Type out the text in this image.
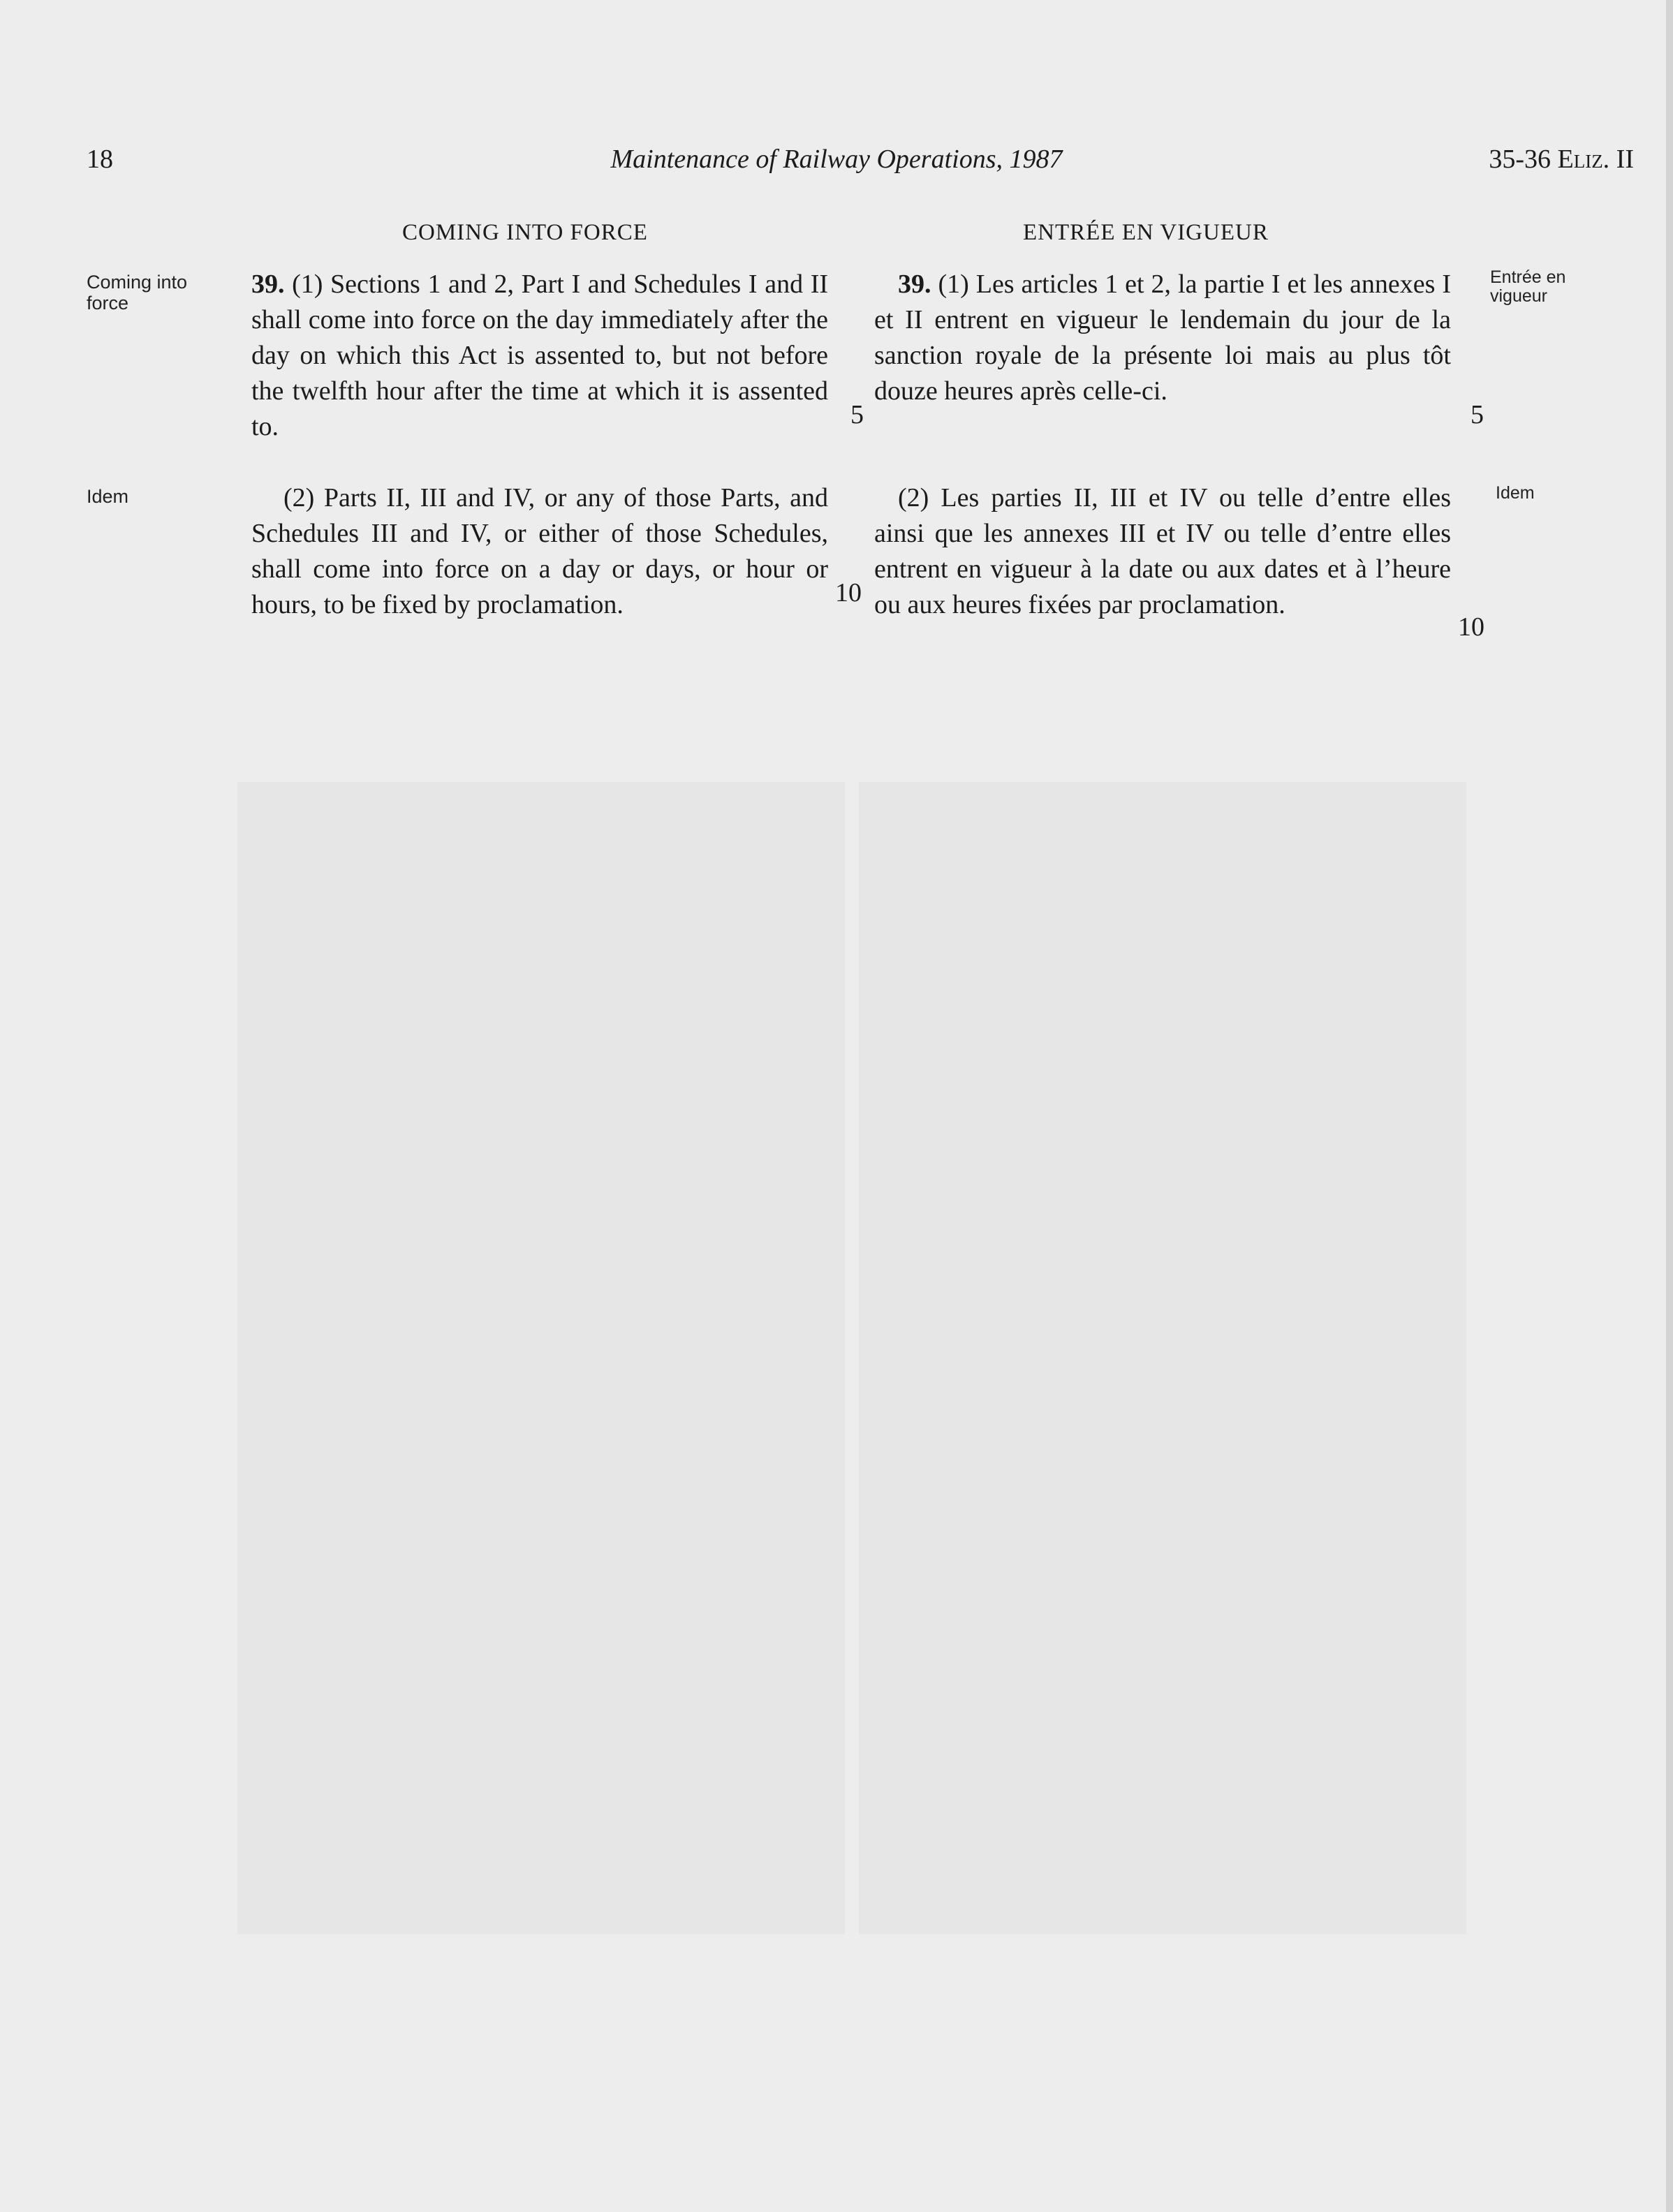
18	Maintenance of Railway Operations, 1987	35-36 Eliz. II
COMING INTO FORCE	ENTRÉE EN VIGUEUR
Coming into force
Idem
Entrée en vigueur
Idem

39. (1) Sections 1 and 2, Part I and Schedules I and II shall come into force on the day immediately after the day on which this Act is assented to, but not before the twelfth hour after the time at which it is assented to.

(2) Parts II, III and IV, or any of those Parts, and Schedules III and IV, or either of those Schedules, shall come into force on a day or days, or hour or hours, to be fixed by proclamation.

39. (1) Les articles 1 et 2, la partie I et les annexes I et II entrent en vigueur le lendemain du jour de la sanction royale de la présente loi mais au plus tôt douze heures après celle-ci.

(2) Les parties II, III et IV ou telle d’entre elles ainsi que les annexes III et IV ou telle d’entre elles entrent en vigueur à la date ou aux dates et à l’heure ou aux heures fixées par proclamation.

5
10
5
10
